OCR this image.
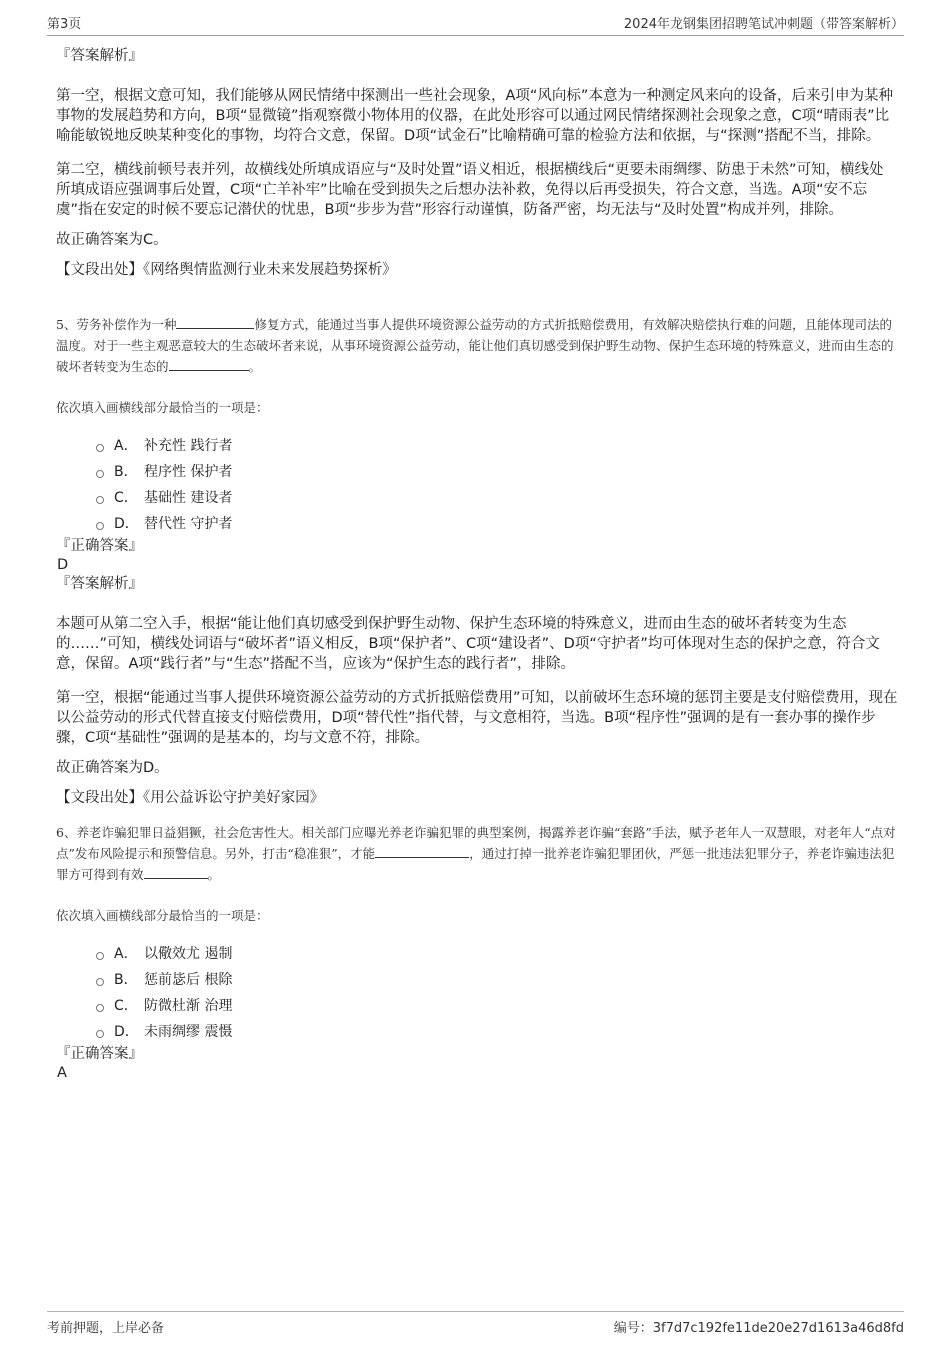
第3页	2024年龙钢集团招聘笔试冲刺题（带答案解析）
『答案解析』

第一空，根据文意可知，我们能够从网民情绪中探测出一些社会现象，A项“风向标”本意为一种测定风来向的设备，后来引申为某种事物的发展趋势和方向，B项“显微镜”指观察微小物体用的仪器，在此处形容可以通过网民情绪探测社会现象之意，C项“晴雨表”比喻能敏锐地反映某种变化的事物，均符合文意，保留。D项“试金石”比喻精确可靠的检验方法和依据，与“探测”搭配不当，排除。

第二空，横线前顿号表并列，故横线处所填成语应与“及时处置”语义相近，根据横线后“更要未雨绸缪、防患于未然”可知，横线处所填成语应强调事后处置，C项“亡羊补牢”比喻在受到损失之后想办法补救，免得以后再受损失，符合文意，当选。A项“安不忘虞”指在安定的时候不要忘记潜伏的忧患，B项“步步为营”形容行动谨慎，防备严密，均无法与“及时处置”构成并列，排除。

故正确答案为C。

【文段出处】《网络舆情监测行业未来发展趋势探析》

5、劳务补偿作为一种	修复方式，能通过当事人提供环境资源公益劳动的方式折抵赔偿费用，有效解决赔偿执行难的问题，且能体现司法的温度。对于一些主观恶意较大的生态破坏者来说，从事环境资源公益劳动，能让他们真切感受到保护野生动物、保护生态环境的特殊意义，进而由生态的破坏者转变为生态的	。

依次填入画横线部分最恰当的一项是：

A． 补充性 践行者
B． 程序性 保护者
C． 基础性 建设者
D． 替代性 守护者
『正确答案』

D

『答案解析』

本题可从第二空入手，根据“能让他们真切感受到保护野生动物、保护生态环境的特殊意义，进而由生态的破坏者转变为生态的……”可知，横线处词语与“破坏者”语义相反，B项“保护者”、C项“建设者”、D项“守护者”均可体现对生态的保护之意，符合文意，保留。A项“践行者”与“生态”搭配不当，应该为“保护生态的践行者”，排除。

第一空，根据“能通过当事人提供环境资源公益劳动的方式折抵赔偿费用”可知，以前破坏生态环境的惩罚主要是支付赔偿费用，现在以公益劳动的形式代替直接支付赔偿费用，D项“替代性”指代替，与文意相符，当选。B项“程序性”强调的是有一套办事的操作步骤，C项“基础性”强调的是基本的，均与文意不符，排除。

故正确答案为D。

【文段出处】《用公益诉讼守护美好家园》

6、养老诈骗犯罪日益猖獗，社会危害性大。相关部门应曝光养老诈骗犯罪的典型案例，揭露养老诈骗“套路”手法，赋予老年人一双慧眼，对老年人“点对点”发布风险提示和预警信息。另外，打击“稳准狠”，才能	，通过打掉一批养老诈骗犯罪团伙，严惩一批违法犯罪分子，养老诈骗违法犯罪方可得到有效	。

依次填入画横线部分最恰当的一项是：

A． 以儆效尤 遏制
B． 惩前毖后 根除
C． 防微杜渐 治理
D． 未雨绸缪 震慑
『正确答案』

A

考前押题，上岸必备	编号：3f7d7c192fe11de20e27d1613a46d8fd
